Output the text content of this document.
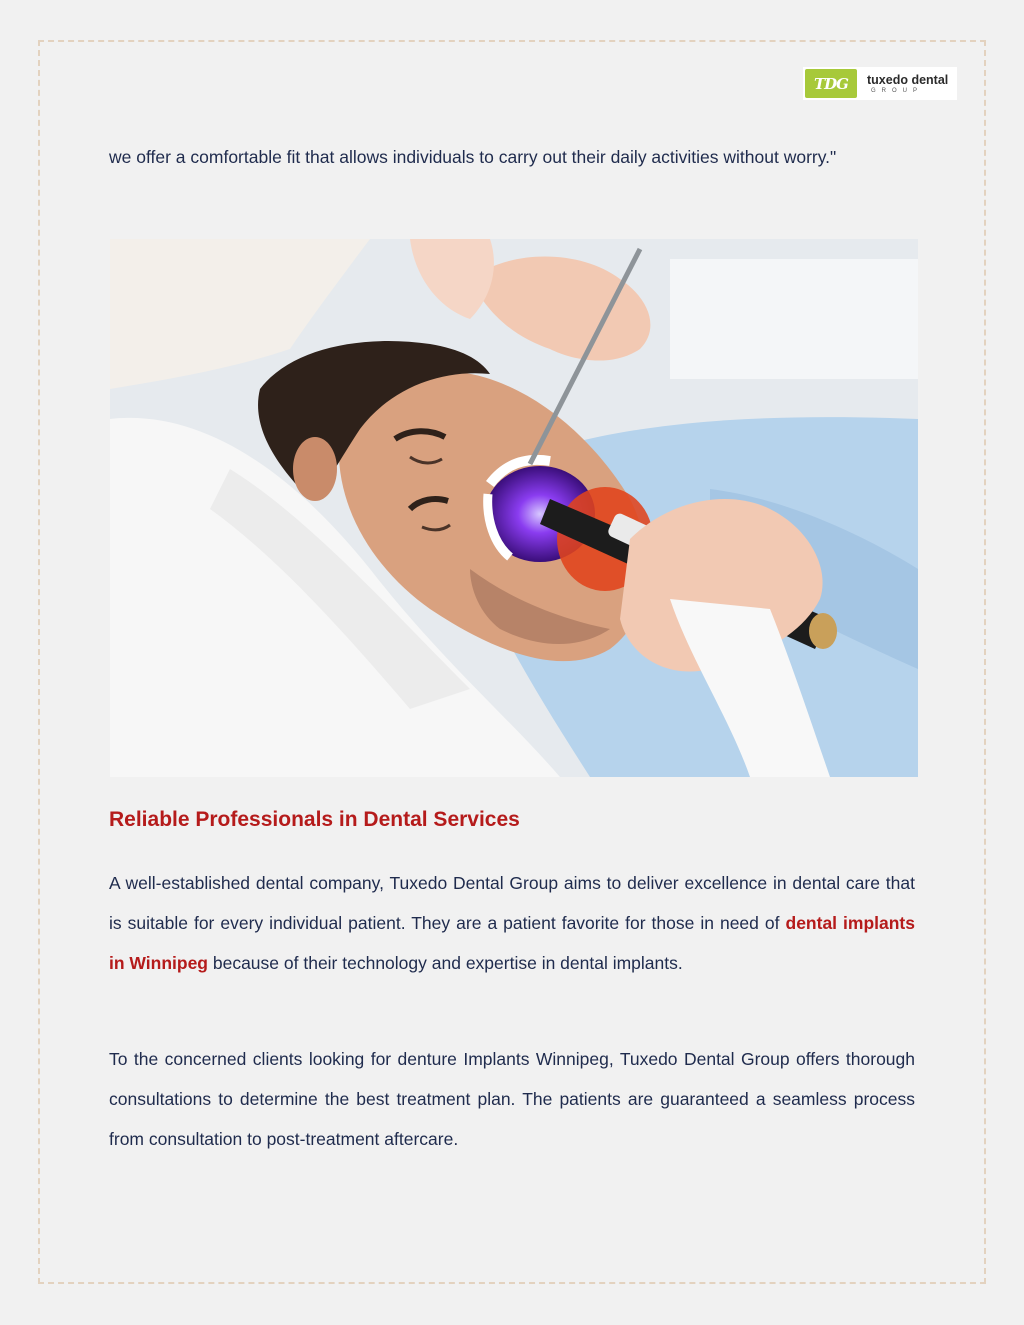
TDG	tuxedo dental
GROUP

we offer a comfortable fit that allows individuals to carry out their daily activities without worry."

Reliable Professionals in Dental Services

A well-established dental company, Tuxedo Dental Group aims to deliver excellence in dental care that is suitable for every individual patient. They are a patient favorite for those in need of dental implants in Winnipeg because of their technology and expertise in dental implants.

To the concerned clients looking for denture Implants Winnipeg, Tuxedo Dental Group offers thorough consultations to determine the best treatment plan. The patients are guaranteed a seamless process from consultation to post-treatment aftercare.
